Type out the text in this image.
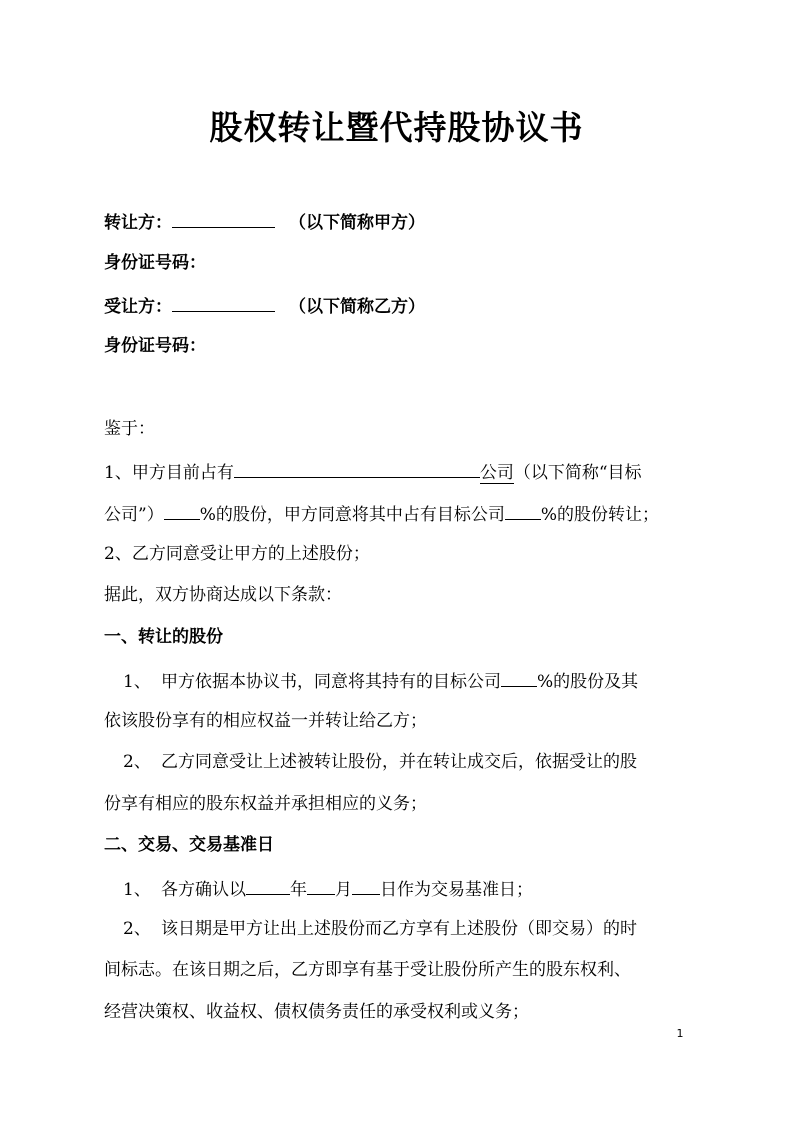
股权转让暨代持股协议书
转让方：	（以下简称甲方）
身份证号码：
受让方：	（以下简称乙方）
身份证号码：
鉴于：
1、甲方目前占有	公司（以下简称“目标
公司”） %的股份，甲方同意将其中占有目标公司 %的股份转让；
2、乙方同意受让甲方的上述股份；
据此，双方协商达成以下条款：
一、转让的股份
1、 甲方依据本协议书，同意将其持有的目标公司 %的股份及其
依该股份享有的相应权益一并转让给乙方；
2、 乙方同意受让上述被转让股份，并在转让成交后，依据受让的股
份享有相应的股东权益并承担相应的义务；
二、交易、交易基准日
1、 各方确认以	年 月 日作为交易基准日；
2、 该日期是甲方让出上述股份而乙方享有上述股份（即交易）的时
间标志。在该日期之后，乙方即享有基于受让股份所产生的股东权利、
经营决策权、收益权、债权债务责任的承受权利或义务；
1
